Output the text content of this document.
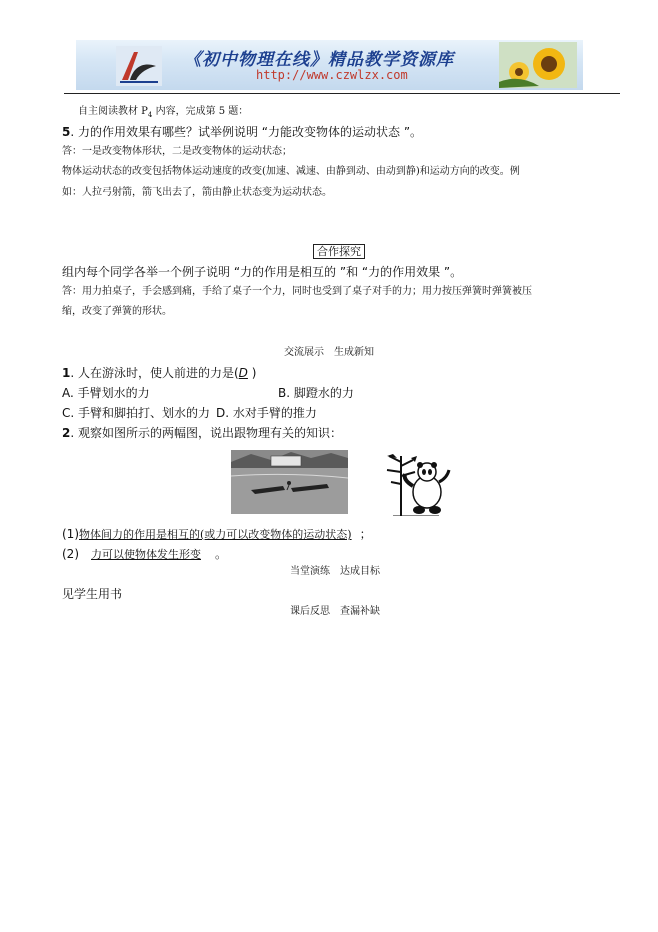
《初中物理在线》精品教学资源库
http://www.czwlzx.com
自主阅读教材 $P_4$ 内容，完成第 5 题：
5. 力的作用效果有哪些？试举例说明 “力能改变物体的运动状态 ”。
答：一是改变物体形状，二是改变物体的运动状态；
物体运动状态的改变包括物体运动速度的改变(加速、减速、由静到动、由动到静)和运动方向的改变。例
如：人拉弓射箭，箭飞出去了，箭由静止状态变为运动状态。
合作探究
组内每个同学各举一个例子说明 “力的作用是相互的 ”和 “力的作用效果 ”。
答：用力拍桌子，手会感到痛，手给了桌子一个力，同时也受到了桌子对手的力；用力按压弹簧时弹簧被压
缩，改变了弹簧的形状。
交流展示　生成新知
1. 人在游泳时，使人前进的力是(D )
A. 手臂划水的力	B. 脚蹬水的力
C. 手臂和脚拍打、划水的力 D. 水对手臂的推力
2. 观察如图所示的两幅图，说出跟物理有关的知识：
(1)物体间力的作用是相互的(或力可以改变物体的运动状态) ；
(2) 力可以使物体发生形变 。
当堂演练　达成目标
见学生用书
课后反思　查漏补缺
